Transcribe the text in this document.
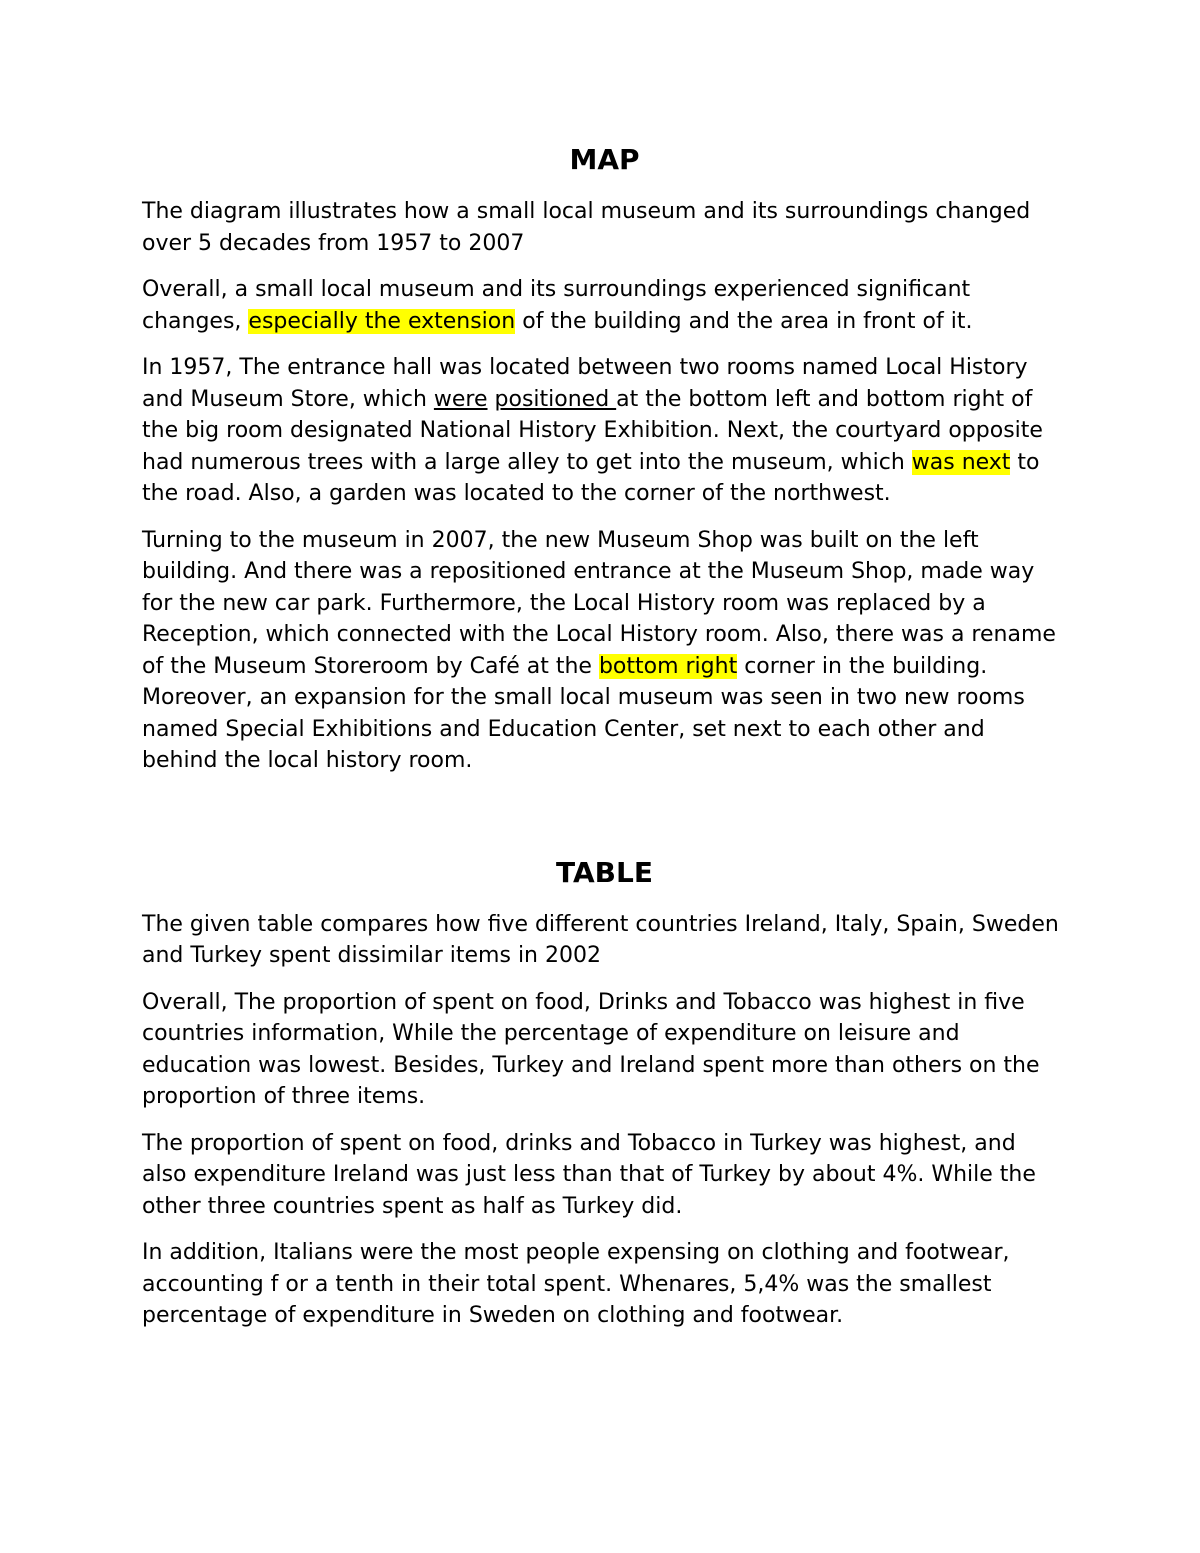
MAP

The diagram illustrates how a small local museum and its surroundings changed over 5 decades from 1957 to 2007

Overall, a small local museum and its surroundings experienced significant changes, especially the extension of the building and the area in front of it.

In 1957, The entrance hall was located between two rooms named Local History and Museum Store, which were positioned at the bottom left and bottom right of the big room designated National History Exhibition. Next, the courtyard opposite had numerous trees with a large alley to get into the museum, which was next to the road. Also, a garden was located to the corner of the northwest.

Turning to the museum in 2007, the new Museum Shop was built on the left building. And there was a repositioned entrance at the Museum Shop, made way for the new car park. Furthermore, the Local History room was replaced by a Reception, which connected with the Local History room. Also, there was a rename of the Museum Storeroom by Café at the bottom right corner in the building. Moreover, an expansion for the small local museum was seen in two new rooms named Special Exhibitions and Education Center, set next to each other and behind the local history room.

TABLE

The given table compares how five different countries Ireland, Italy, Spain, Sweden and Turkey spent dissimilar items in 2002

Overall, The proportion of spent on food, Drinks and Tobacco was highest in five countries information, While the percentage of expenditure on leisure and education was lowest. Besides, Turkey and Ireland spent more than others on the proportion of three items.

The proportion of spent on food, drinks and Tobacco in Turkey was highest, and also expenditure Ireland was just less than that of Turkey by about 4%. While the other three countries spent as half as Turkey did.

In addition, Italians were the most people expensing on clothing and footwear, accounting f or a tenth in their total spent. Whenares, 5,4% was the smallest percentage of expenditure in Sweden on clothing and footwear.
